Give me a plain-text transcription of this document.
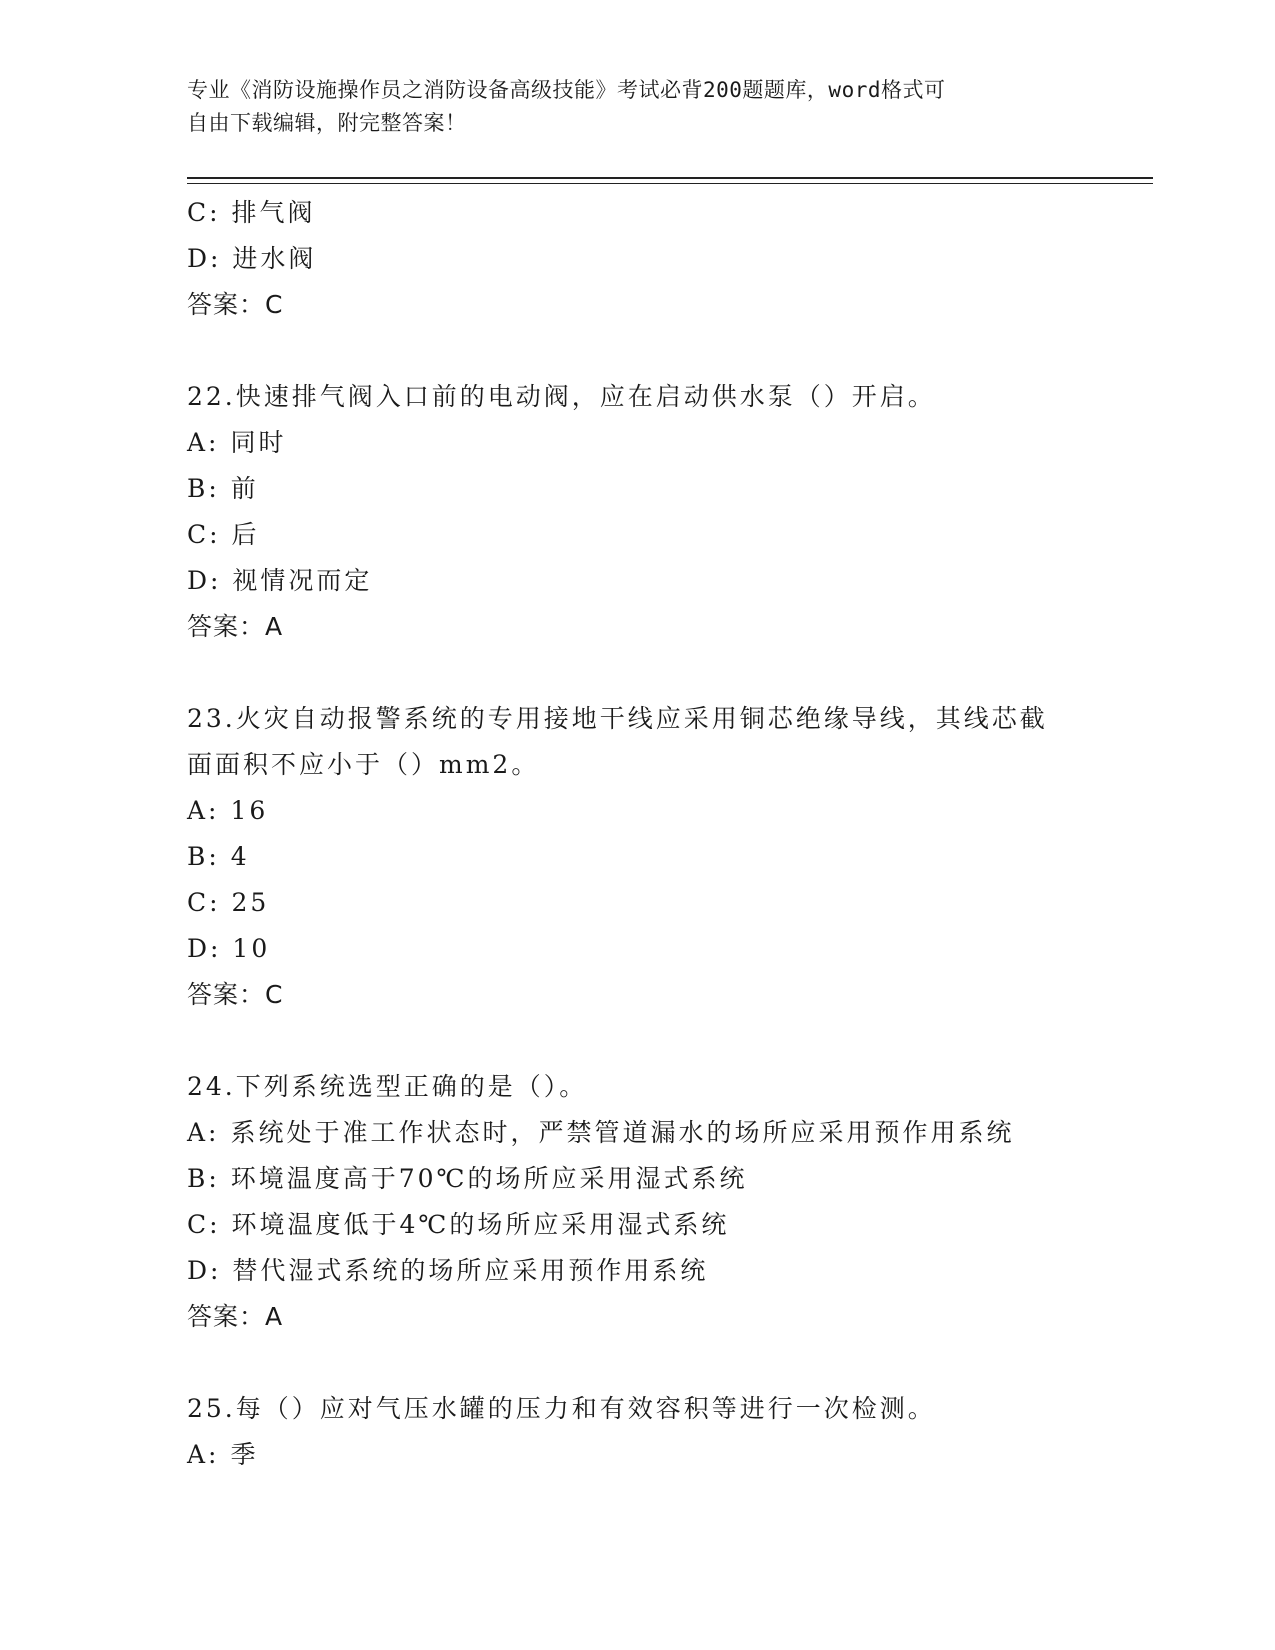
专业《消防设施操作员之消防设备高级技能》考试必背200题题库，word格式可
自由下载编辑，附完整答案！
C: 排气阀
D: 进水阀
答案：C
22.快速排气阀入口前的电动阀，应在启动供水泵（）开启。
A: 同时
B: 前
C: 后
D: 视情况而定
答案：A
23.火灾自动报警系统的专用接地干线应采用铜芯绝缘导线，其线芯截
面面积不应小于（）mm2。
A: 16
B: 4
C: 25
D: 10
答案：C
24.下列系统选型正确的是（）。
A: 系统处于准工作状态时，严禁管道漏水的场所应采用预作用系统
B: 环境温度高于70℃的场所应采用湿式系统
C: 环境温度低于4℃的场所应采用湿式系统
D: 替代湿式系统的场所应采用预作用系统
答案：A
25.每（）应对气压水罐的压力和有效容积等进行一次检测。
A: 季
